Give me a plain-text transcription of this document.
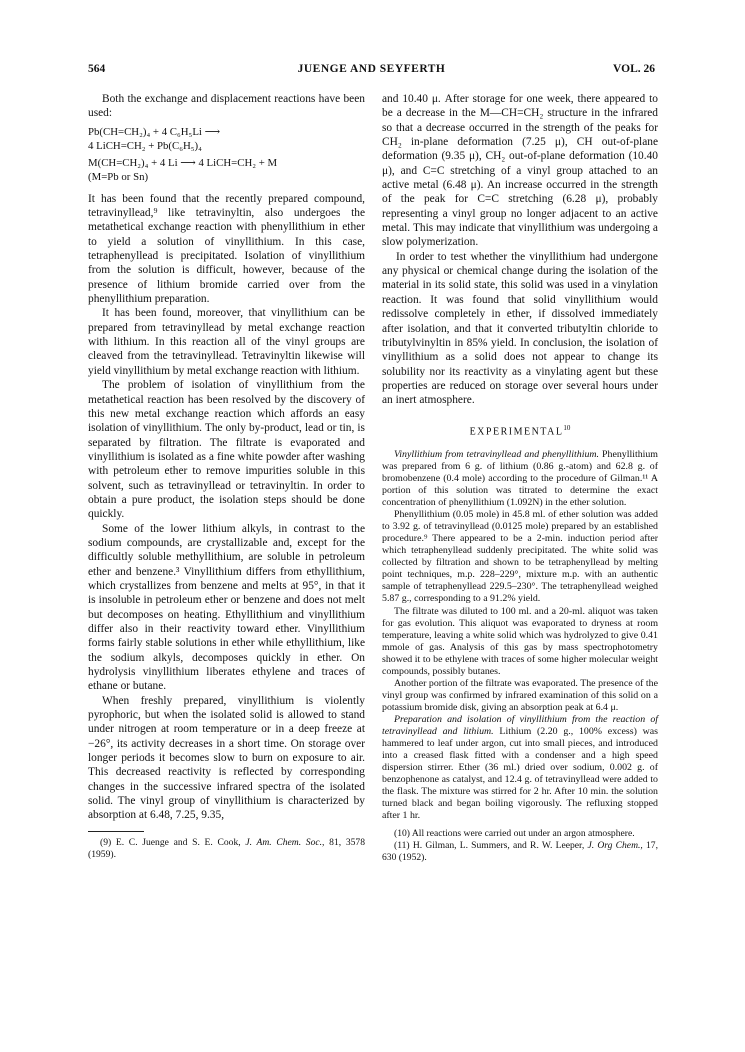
564	JUENGE AND SEYFERTH	VOL. 26

Both the exchange and displacement reactions have been used:

Pb(CH=CH₂)₄ + 4 C₆H₅Li ⟶
4 LiCH=CH₂ + Pb(C₆H₅)₄
M(CH=CH₂)₄ + 4 Li ⟶ 4 LiCH=CH₂ + M
(M=Pb or Sn)

It has been found that the recently prepared compound, tetravinyllead,⁹ like tetravinyltin, also undergoes the metathetical exchange reaction with phenyllithium in ether to yield a solution of vinyllithium. In this case, tetraphenyllead is precipitated. Isolation of vinyllithium from the solution is difficult, however, because of the presence of lithium bromide carried over from the phenyllithium preparation.

It has been found, moreover, that vinyllithium can be prepared from tetravinyllead by metal exchange reaction with lithium. In this reaction all of the vinyl groups are cleaved from the tetravinyllead. Tetravinyltin likewise will yield vinyllithium by metal exchange reaction with lithium.

The problem of isolation of vinyllithium from the metathetical reaction has been resolved by the discovery of this new metal exchange reaction which affords an easy isolation of vinyllithium. The only by-product, lead or tin, is separated by filtration. The filtrate is evaporated and vinyllithium is isolated as a fine white powder after washing with petroleum ether to remove impurities soluble in this solvent, such as tetravinyllead or tetravinyltin. In order to obtain a pure product, the isolation steps should be done quickly.

Some of the lower lithium alkyls, in contrast to the sodium compounds, are crystallizable and, except for the difficultly soluble methyllithium, are soluble in petroleum ether and benzene.³ Vinyllithium differs from ethyllithium, which crystallizes from benzene and melts at 95°, in that it is insoluble in petroleum ether or benzene and does not melt but decomposes on heating. Ethyllithium and vinyllithium differ also in their reactivity toward ether. Vinyllithium forms fairly stable solutions in ether while ethyllithium, like the sodium alkyls, decomposes quickly in ether. On hydrolysis vinyllithium liberates ethylene and traces of ethane or butane.

When freshly prepared, vinyllithium is violently pyrophoric, but when the isolated solid is allowed to stand under nitrogen at room temperature or in a deep freeze at −26°, its activity decreases in a short time. On storage over longer periods it becomes slow to burn on exposure to air. This decreased reactivity is reflected by corresponding changes in the successive infrared spectra of the isolated solid. The vinyl group of vinyllithium is characterized by absorption at 6.48, 7.25, 9.35,

(9) E. C. Juenge and S. E. Cook, J. Am. Chem. Soc., 81, 3578 (1959).

and 10.40 μ. After storage for one week, there appeared to be a decrease in the M—CH=CH₂ structure in the infrared so that a decrease occurred in the strength of the peaks for CH₂ in-plane deformation (7.25 μ), CH out-of-plane deformation (9.35 μ), CH₂ out-of-plane deformation (10.40 μ), and C=C stretching of a vinyl group attached to an active metal (6.48 μ). An increase occurred in the strength of the peak for C=C stretching (6.28 μ), probably representing a vinyl group no longer adjacent to an active metal. This may indicate that vinyllithium was undergoing a slow polymerization.

In order to test whether the vinyllithium had undergone any physical or chemical change during the isolation of the material in its solid state, this solid was used in a vinylation reaction. It was found that solid vinyllithium would redissolve completely in ether, if dissolved immediately after isolation, and that it converted tributyltin chloride to tributylvinyltin in 85% yield. In conclusion, the isolation of vinyllithium as a solid does not appear to change its solubility nor its reactivity as a vinylating agent but these properties are reduced on storage over several hours under an inert atmosphere.

EXPERIMENTAL$^{10}$

Vinyllithium from tetravinyllead and phenyllithium. Phenyllithium was prepared from 6 g. of lithium (0.86 g.-atom) and 62.8 g. of bromobenzene (0.4 mole) according to the procedure of Gilman.¹¹ A portion of this solution was titrated to determine the exact concentration of phenyllithium (1.092N) in the ether solution.

Phenyllithium (0.05 mole) in 45.8 ml. of ether solution was added to 3.92 g. of tetravinyllead (0.0125 mole) prepared by an established procedure.⁹ There appeared to be a 2-min. induction period after which tetraphenyllead suddenly precipitated. The white solid was collected by filtration and shown to be tetraphenyllead by melting point techniques, m.p. 228–229°, mixture m.p. with an authentic sample of tetraphenyllead 229.5–230°. The tetraphenyllead weighed 5.87 g., corresponding to a 91.2% yield.

The filtrate was diluted to 100 ml. and a 20-ml. aliquot was taken for gas evolution. This aliquot was evaporated to dryness at room temperature, leaving a white solid which was hydrolyzed to give 0.41 mmole of gas. Analysis of this gas by mass spectrophotometry showed it to be ethylene with traces of some higher molecular weight compounds, possibly butanes.

Another portion of the filtrate was evaporated. The presence of the vinyl group was confirmed by infrared examination of this solid on a potassium bromide disk, giving an absorption peak at 6.4 μ.

Preparation and isolation of vinyllithium from the reaction of tetravinyllead and lithium. Lithium (2.20 g., 100% excess) was hammered to leaf under argon, cut into small pieces, and introduced into a creased flask fitted with a condenser and a high speed dispersion stirrer. Ether (36 ml.) dried over sodium, 0.002 g. of benzophenone as catalyst, and 12.4 g. of tetravinyllead were added to the flask. The mixture was stirred for 2 hr. After 10 min. the solution turned black and began boiling vigorously. The refluxing stopped after 1 hr.

(10) All reactions were carried out under an argon atmosphere.

(11) H. Gilman, L. Summers, and R. W. Leeper, J. Org Chem., 17, 630 (1952).
